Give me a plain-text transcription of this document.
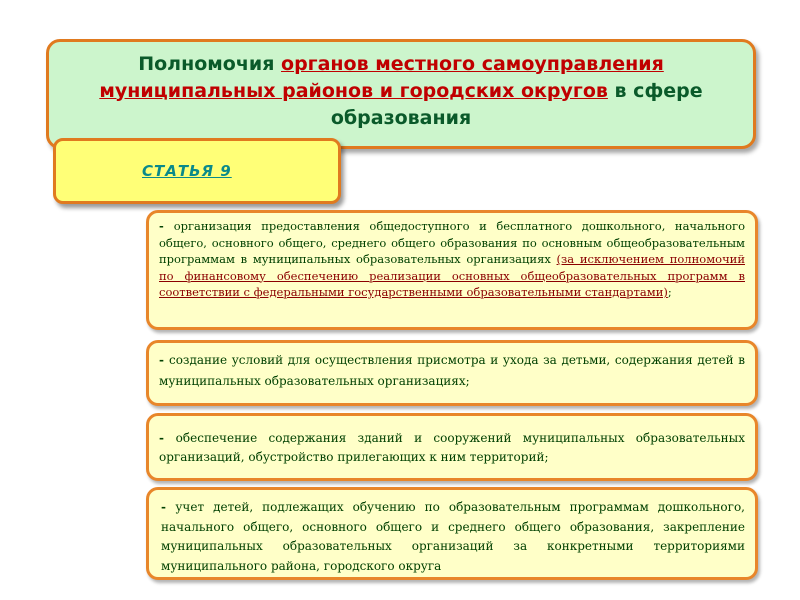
Полномочия органов местного самоуправления муниципальных районов и городских округов в сфере образования
СТАТЬЯ 9
- организация предоставления общедоступного и бесплатного дошкольного, начального общего, основного общего, среднего общего образования по основным общеобразовательным программам в муниципальных образовательных организациях (за исключением полномочий по финансовому обеспечению реализации основных общеобразовательных программ в соответствии с федеральными государственными образовательными стандартами);
- создание условий для осуществления присмотра и ухода за детьми, содержания детей в муниципальных образовательных организациях;
- обеспечение содержания зданий и сооружений муниципальных образовательных организаций, обустройство прилегающих к ним территорий;
- учет детей, подлежащих обучению по образовательным программам дошкольного, начального общего, основного общего и среднего общего образования, закрепление муниципальных образовательных организаций за конкретными территориями муниципального района, городского округа
